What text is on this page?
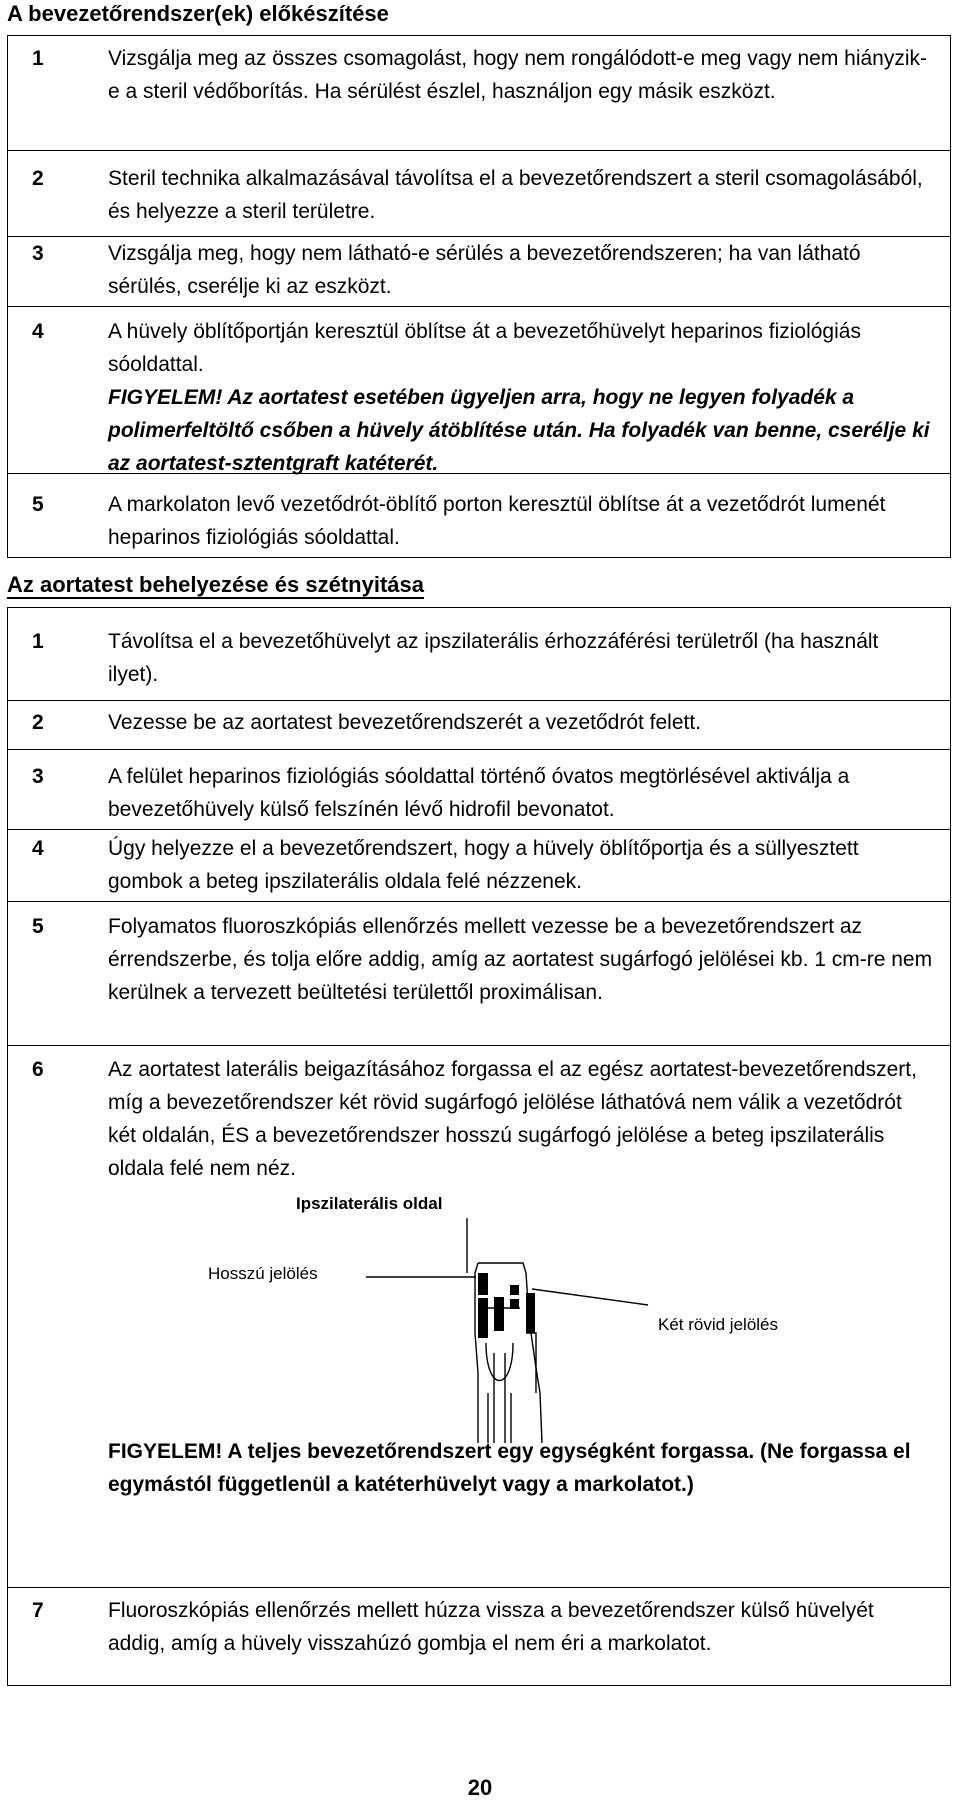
A bevezetőrendszer(ek) előkészítése
1	Vizsgálja meg az összes csomagolást, hogy nem rongálódott-e meg vagy nem hiányzik-e a steril védőborítás. Ha sérülést észlel, használjon egy másik eszközt.
2	Steril technika alkalmazásával távolítsa el a bevezetőrendszert a steril csomagolásából, és helyezze a steril területre.
3	Vizsgálja meg, hogy nem látható-e sérülés a bevezetőrendszeren; ha van látható sérülés, cserélje ki az eszközt.
4	A hüvely öblítőportján keresztül öblítse át a bevezetőhüvelyt heparinos fiziológiás sóoldattal.
FIGYELEM! Az aortatest esetében ügyeljen arra, hogy ne legyen folyadék a polimerfeltöltő csőben a hüvely átöblítése után. Ha folyadék van benne, cserélje ki az aortatest-sztentgraft katéterét.
5	A markolaton levő vezetődrót-öblítő porton keresztül öblítse át a vezetődrót lumenét heparinos fiziológiás sóoldattal.
Az aortatest behelyezése és szétnyitása
1	Távolítsa el a bevezetőhüvelyt az ipszilaterális érhozzáférési területről (ha használt ilyet).
2	Vezesse be az aortatest bevezetőrendszerét a vezetődrót felett.
3	A felület heparinos fiziológiás sóoldattal történő óvatos megtörlésével aktiválja a bevezetőhüvely külső felszínén lévő hidrofil bevonatot.
4	Úgy helyezze el a bevezetőrendszert, hogy a hüvely öblítőportja és a süllyesztett gombok a beteg ipszilaterális oldala felé nézzenek.
5	Folyamatos fluoroszkópiás ellenőrzés mellett vezesse be a bevezetőrendszert az érrendszerbe, és tolja előre addig, amíg az aortatest sugárfogó jelölései kb. 1 cm-re nem kerülnek a tervezett beültetési területtől proximálisan.
6	Az aortatest laterális beigazításához forgassa el az egész aortatest-bevezetőrendszert, míg a bevezetőrendszer két rövid sugárfogó jelölése láthatóvá nem válik a vezetődrót két oldalán, ÉS a bevezetőrendszer hosszú sugárfogó jelölése a beteg ipszilaterális oldala felé nem néz.
Ipszilaterális oldal
Hosszú jelölés
Két rövid jelölés
FIGYELEM! A teljes bevezetőrendszert egy egységként forgassa. (Ne forgassa el egymástól függetlenül a katéterhüvelyt vagy a markolatot.)
7	Fluoroszkópiás ellenőrzés mellett húzza vissza a bevezetőrendszer külső hüvelyét addig, amíg a hüvely visszahúzó gombja el nem éri a markolatot.
20
